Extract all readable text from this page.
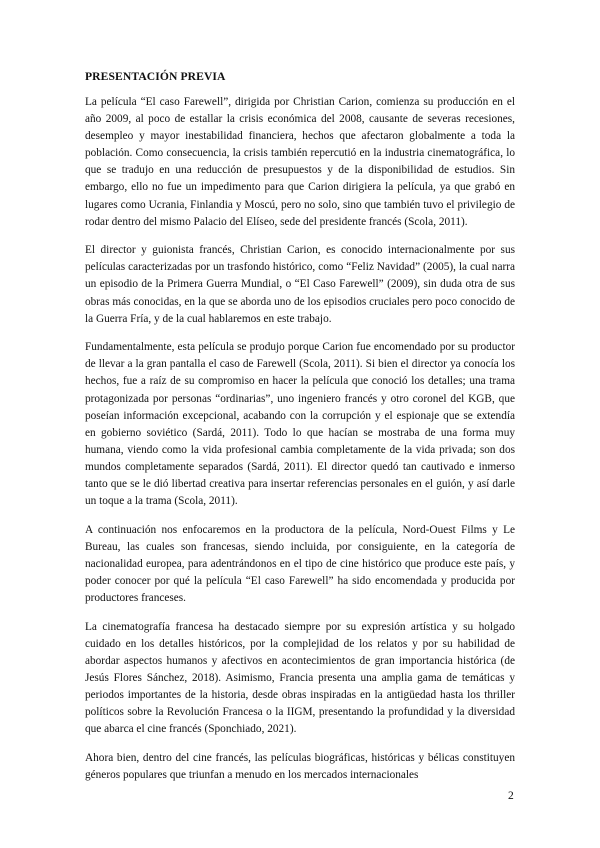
PRESENTACIÓN PREVIA

La película “El caso Farewell”, dirigida por Christian Carion, comienza su producción en el año 2009, al poco de estallar la crisis económica del 2008, causante de severas recesiones, desempleo y mayor inestabilidad financiera, hechos que afectaron globalmente a toda la población. Como consecuencia, la crisis también repercutió en la industria cinematográfica, lo que se tradujo en una reducción de presupuestos y de la disponibilidad de estudios. Sin embargo, ello no fue un impedimento para que Carion dirigiera la película, ya que grabó en lugares como Ucrania, Finlandia y Moscú, pero no solo, sino que también tuvo el privilegio de rodar dentro del mismo Palacio del Elíseo, sede del presidente francés (Scola, 2011).

El director y guionista francés, Christian Carion, es conocido internacionalmente por sus películas caracterizadas por un trasfondo histórico, como “Feliz Navidad” (2005), la cual narra un episodio de la Primera Guerra Mundial, o “El Caso Farewell” (2009), sin duda otra de sus obras más conocidas, en la que se aborda uno de los episodios cruciales pero poco conocido de la Guerra Fría, y de la cual hablaremos en este trabajo.

Fundamentalmente, esta película se produjo porque Carion fue encomendado por su productor de llevar a la gran pantalla el caso de Farewell (Scola, 2011). Si bien el director ya conocía los hechos, fue a raíz de su compromiso en hacer la película que conoció los detalles; una trama protagonizada por personas “ordinarias”, uno ingeniero francés y otro coronel del KGB, que poseían información excepcional, acabando con la corrupción y el espionaje que se extendía en gobierno soviético (Sardá, 2011). Todo lo que hacían se mostraba de una forma muy humana, viendo como la vida profesional cambia completamente de la vida privada; son dos mundos completamente separados (Sardá, 2011). El director quedó tan cautivado e inmerso tanto que se le dió libertad creativa para insertar referencias personales en el guión, y así darle un toque a la trama (Scola, 2011).

A continuación nos enfocaremos en la productora de la película, Nord-Ouest Films y Le Bureau, las cuales son francesas, siendo incluida, por consiguiente, en la categoría de nacionalidad europea, para adentrándonos en el tipo de cine histórico que produce este país, y poder conocer por qué la película “El caso Farewell” ha sido encomendada y producida por productores franceses.

La cinematografía francesa ha destacado siempre por su expresión artística y su holgado cuidado en los detalles históricos, por la complejidad de los relatos y por su habilidad de abordar aspectos humanos y afectivos en acontecimientos de gran importancia histórica (de Jesús Flores Sánchez, 2018). Asimismo, Francia presenta una amplia gama de temáticas y periodos importantes de la historia, desde obras inspiradas en la antigüedad hasta los thriller políticos sobre la Revolución Francesa o la IIGM, presentando la profundidad y la diversidad que abarca el cine francés (Sponchiado, 2021).

Ahora bien, dentro del cine francés, las películas biográficas, históricas y bélicas constituyen géneros populares que triunfan a menudo en los mercados internacionales

2
